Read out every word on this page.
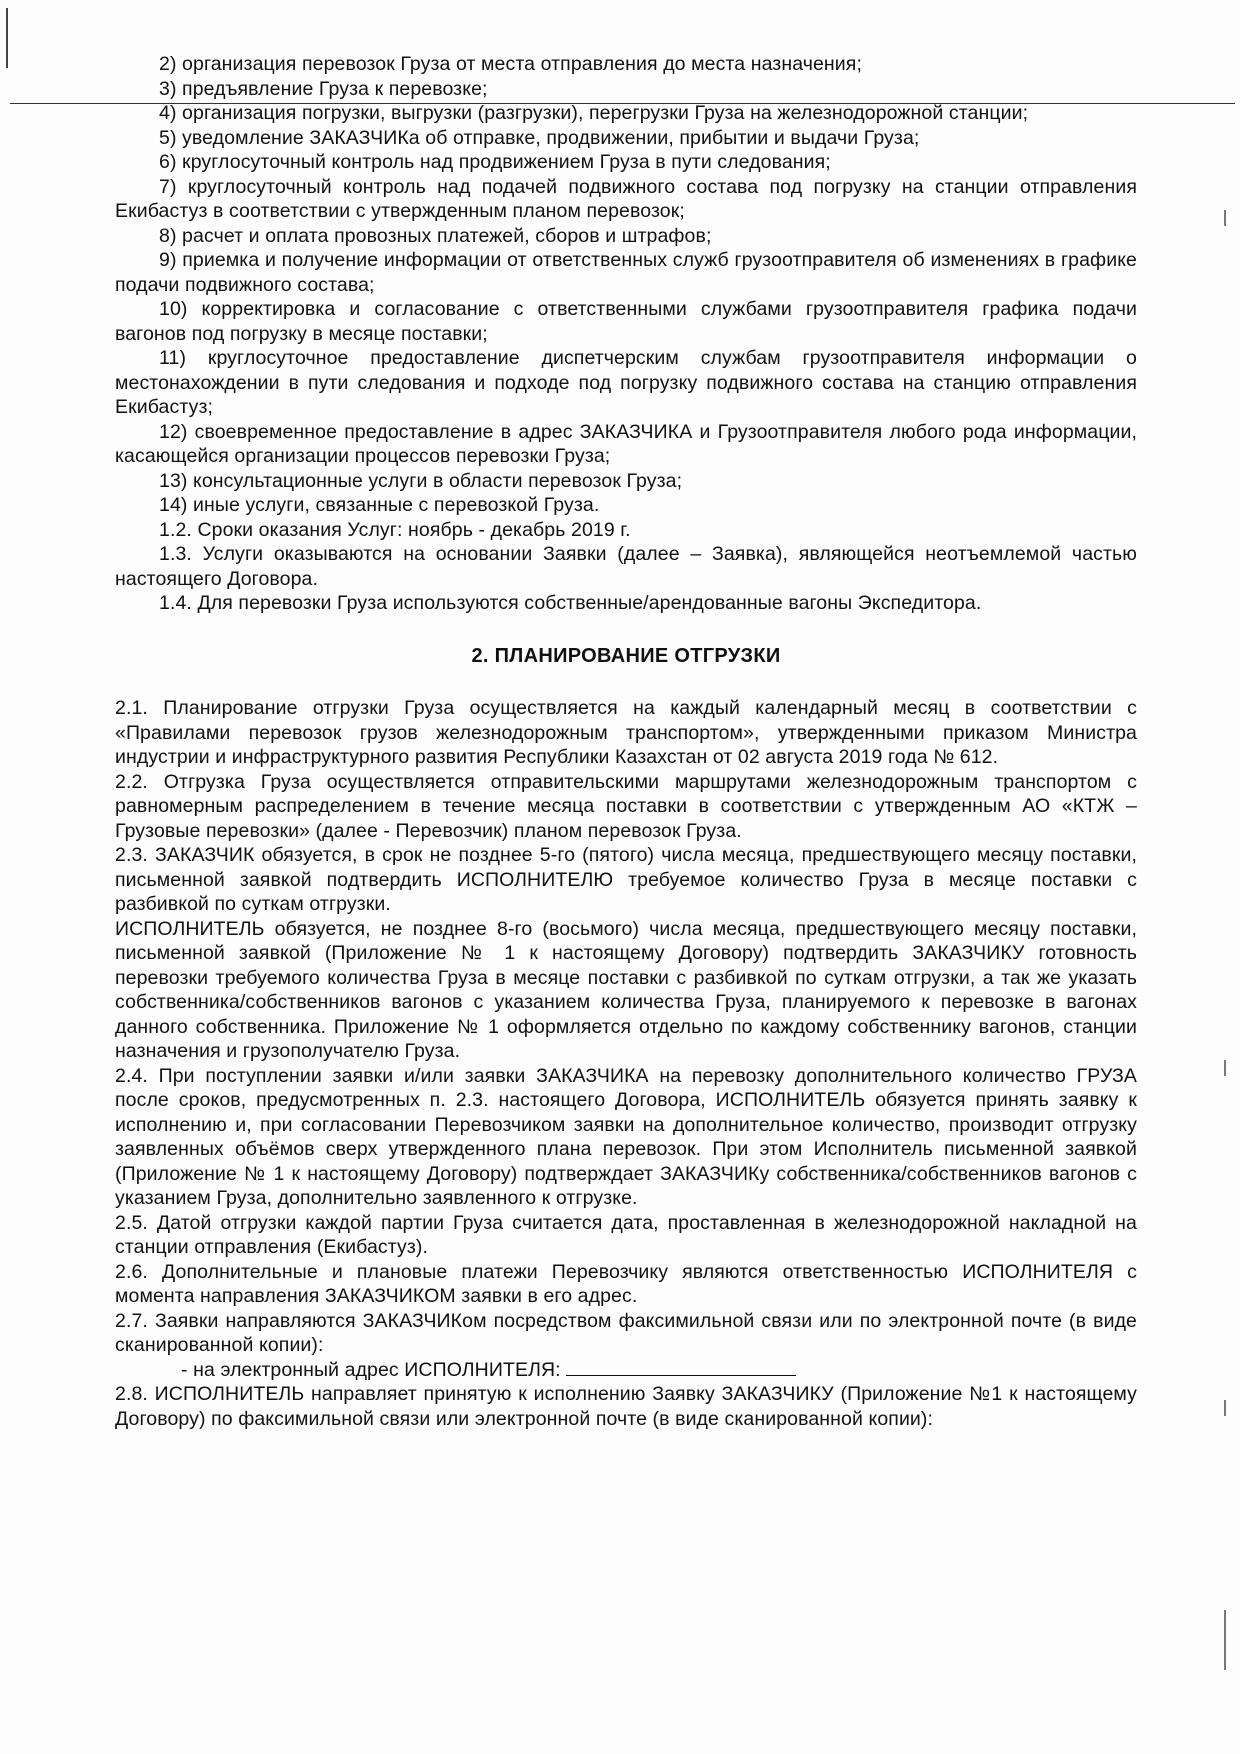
2) организация перевозок Груза от места отправления до места назначения;

3) предъявление Груза к перевозке;

4) организация погрузки, выгрузки (разгрузки), перегрузки Груза на железнодорожной станции;

5) уведомление ЗАКАЗЧИКа об отправке, продвижении, прибытии и выдачи Груза;

6) круглосуточный контроль над продвижением Груза в пути следования;

7) круглосуточный контроль над подачей подвижного состава под погрузку на станции отправления Екибастуз в соответствии с утвержденным планом перевозок;

8) расчет и оплата провозных платежей, сборов и штрафов;

9) приемка и получение информации от ответственных служб грузоотправителя об изменениях в графике подачи подвижного состава;

10) корректировка и согласование с ответственными службами грузоотправителя графика подачи вагонов под погрузку в месяце поставки;

11) круглосуточное предоставление диспетчерским службам грузоотправителя информации о местонахождении в пути следования и подходе под погрузку подвижного состава на станцию отправления Екибастуз;

12) своевременное предоставление в адрес ЗАКАЗЧИКА и Грузоотправителя любого рода информации, касающейся организации процессов перевозки Груза;

13) консультационные услуги в области перевозок Груза;

14) иные услуги, связанные с перевозкой Груза.

1.2. Сроки оказания Услуг: ноябрь - декабрь 2019 г.

1.3. Услуги оказываются на основании Заявки (далее – Заявка), являющейся неотъемлемой частью настоящего Договора.

1.4. Для перевозки Груза используются собственные/арендованные вагоны Экспедитора.

2. ПЛАНИРОВАНИЕ ОТГРУЗКИ

2.1. Планирование отгрузки Груза осуществляется на каждый календарный месяц в соответствии с «Правилами перевозок грузов железнодорожным транспортом», утвержденными приказом Министра индустрии и инфраструктурного развития Республики Казахстан от 02 августа 2019 года № 612.

2.2. Отгрузка Груза осуществляется отправительскими маршрутами железнодорожным транспортом с равномерным распределением в течение месяца поставки в соответствии с утвержденным АО «КТЖ – Грузовые перевозки» (далее - Перевозчик) планом перевозок Груза.

2.3. ЗАКАЗЧИК обязуется, в срок не позднее 5-го (пятого) числа месяца, предшествующего месяцу поставки, письменной заявкой подтвердить ИСПОЛНИТЕЛЮ требуемое количество Груза в месяце поставки с разбивкой по суткам отгрузки.

ИСПОЛНИТЕЛЬ обязуется, не позднее 8-го (восьмого) числа месяца, предшествующего месяцу поставки, письменной заявкой (Приложение № 1 к настоящему Договору) подтвердить ЗАКАЗЧИКУ готовность перевозки требуемого количества Груза в месяце поставки с разбивкой по суткам отгрузки, а так же указать собственника/собственников вагонов с указанием количества Груза, планируемого к перевозке в вагонах данного собственника. Приложение № 1 оформляется отдельно по каждому собственнику вагонов, станции назначения и грузополучателю Груза.

2.4. При поступлении заявки и/или заявки ЗАКАЗЧИКА на перевозку дополнительного количество ГРУЗА после сроков, предусмотренных п. 2.3. настоящего Договора, ИСПОЛНИТЕЛЬ обязуется принять заявку к исполнению и, при согласовании Перевозчиком заявки на дополнительное количество, производит отгрузку заявленных объёмов сверх утвержденного плана перевозок. При этом Исполнитель письменной заявкой (Приложение № 1 к настоящему Договору) подтверждает ЗАКАЗЧИКу собственника/собственников вагонов с указанием Груза, дополнительно заявленного к отгрузке.

2.5. Датой отгрузки каждой партии Груза считается дата, проставленная в железнодорожной накладной на станции отправления (Екибастуз).

2.6. Дополнительные и плановые платежи Перевозчику являются ответственностью ИСПОЛНИТЕЛЯ с момента направления ЗАКАЗЧИКОМ заявки в его адрес.

2.7. Заявки направляются ЗАКАЗЧИКом посредством факсимильной связи или по электронной почте (в виде сканированной копии):

- на электронный адрес ИСПОЛНИТЕЛЯ:

2.8. ИСПОЛНИТЕЛЬ направляет принятую к исполнению Заявку ЗАКАЗЧИКУ (Приложение №1 к настоящему Договору) по факсимильной связи или электронной почте (в виде сканированной копии):
